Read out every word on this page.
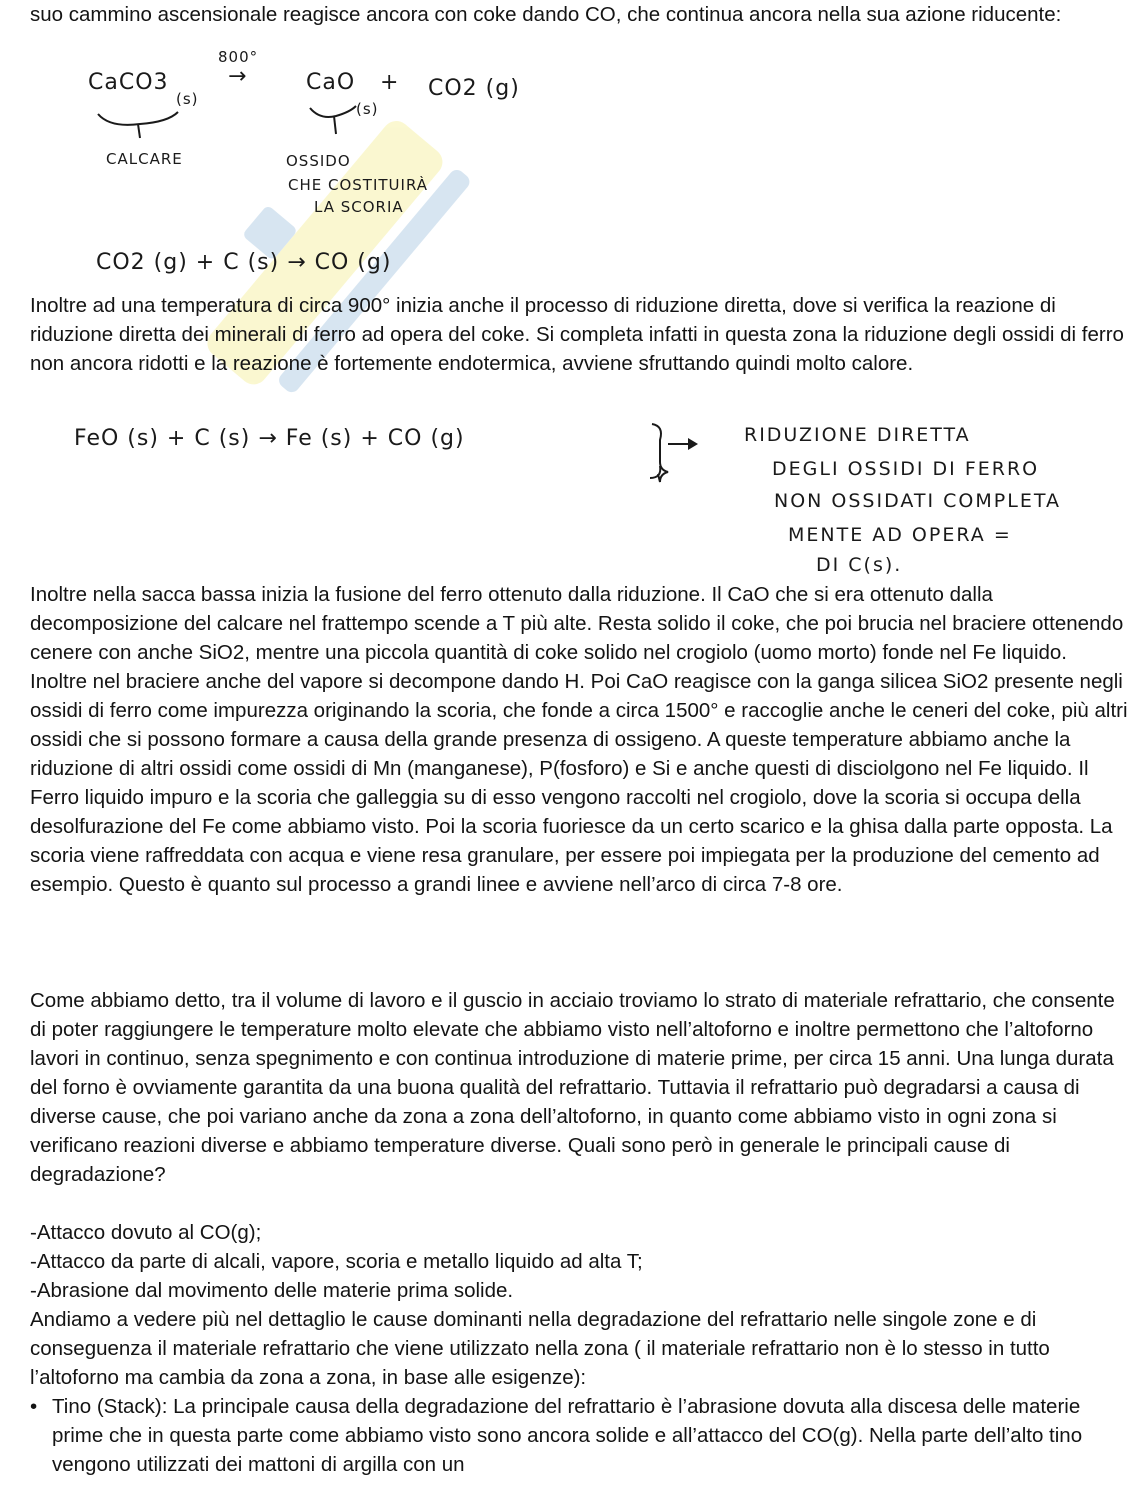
suo cammino ascensionale reagisce ancora con coke dando CO, che continua ancora nella sua azione riducente:

800°
CaCO3
(s)
→	CaO
(s)
+ CO2 (g)
CALCARE	OSSIDO
CHE COSTITUIRÀ
LA SCORIA
CO2 (g) + C (s) → CO (g)

Inoltre ad una temperatura di circa 900° inizia anche il processo di riduzione diretta, dove si verifica la reazione di riduzione diretta dei minerali di ferro ad opera del coke. Si completa infatti in questa zona la riduzione degli ossidi di ferro non ancora ridotti e la reazione è fortemente endotermica, avviene sfruttando quindi molto calore.

FeO (s) + C (s) → Fe (s) + CO (g)	RIDUZIONE DIRETTA
DEGLI OSSIDI DI FERRO
NON OSSIDATI COMPLETA
MENTE AD OPERA =
DI C(s).

Inoltre nella sacca bassa inizia la fusione del ferro ottenuto dalla riduzione. Il CaO che si era ottenuto dalla decomposizione del calcare nel frattempo scende a T più alte. Resta solido il coke, che poi brucia nel braciere ottenendo cenere con anche SiO2, mentre una piccola quantità di coke solido nel crogiolo (uomo morto) fonde nel Fe liquido. Inoltre nel braciere anche del vapore si decompone dando H. Poi CaO reagisce con la ganga silicea SiO2 presente negli ossidi di ferro come impurezza originando la scoria, che fonde a circa 1500° e raccoglie anche le ceneri del coke, più altri ossidi che si possono formare a causa della grande presenza di ossigeno. A queste temperature abbiamo anche la riduzione di altri ossidi come ossidi di Mn (manganese), P(fosforo) e Si e anche questi di disciolgono nel Fe liquido. Il Ferro liquido impuro e la scoria che galleggia su di esso vengono raccolti nel crogiolo, dove la scoria si occupa della desolfurazione del Fe come abbiamo visto. Poi la scoria fuoriesce da un certo scarico e la ghisa dalla parte opposta. La scoria viene raffreddata con acqua e viene resa granulare, per essere poi impiegata per la produzione del cemento ad esempio. Questo è quanto sul processo a grandi linee e avviene nell’arco di circa 7-8 ore.

Come abbiamo detto, tra il volume di lavoro e il guscio in acciaio troviamo lo strato di materiale refrattario, che consente di poter raggiungere le temperature molto elevate che abbiamo visto nell’altoforno e inoltre permettono che l’altoforno lavori in continuo, senza spegnimento e con continua introduzione di materie prime, per circa 15 anni. Una lunga durata del forno è ovviamente garantita da una buona qualità del refrattario. Tuttavia il refrattario può degradarsi a causa di diverse cause, che poi variano anche da zona a zona dell’altoforno, in quanto come abbiamo visto in ogni zona si verificano reazioni diverse e abbiamo temperature diverse. Quali sono però in generale le principali cause di degradazione?

-Attacco dovuto al CO(g);

-Attacco da parte di alcali, vapore, scoria e metallo liquido ad alta T;

-Abrasione dal movimento delle materie prima solide.

Andiamo a vedere più nel dettaglio le cause dominanti nella degradazione del refrattario nelle singole zone e di conseguenza il materiale refrattario che viene utilizzato nella zona ( il materiale refrattario non è lo stesso in tutto l’altoforno ma cambia da zona a zona, in base alle esigenze):

• Tino (Stack): La principale causa della degradazione del refrattario è l’abrasione dovuta alla discesa delle materie prime che in questa parte come abbiamo visto sono ancora solide e all’attacco del CO(g). Nella parte dell’alto tino vengono utilizzati dei mattoni di argilla con un
